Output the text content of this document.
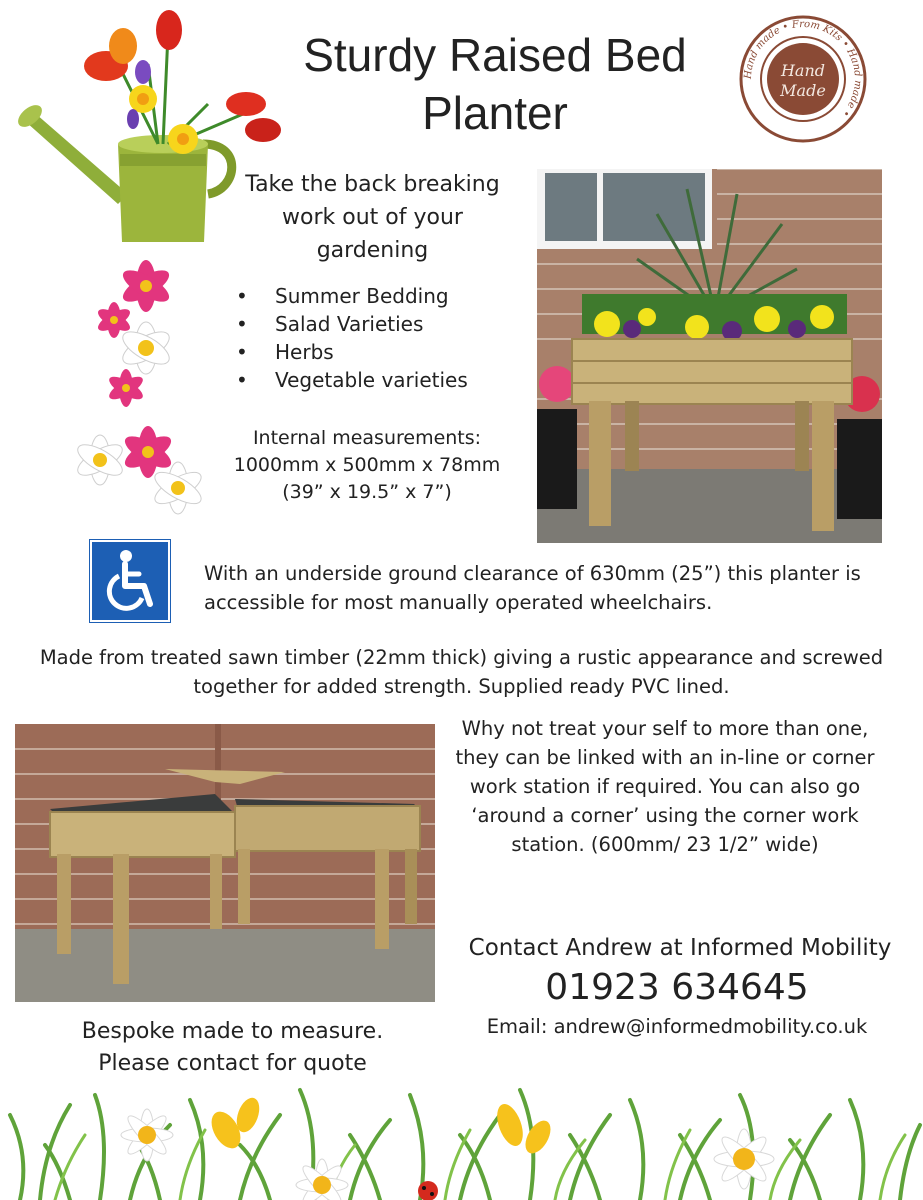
Sturdy Raised Bed
Planter
Hand made • From Kits • Hand made •
Hand
Made
Take the back breaking work out of your gardening
• Summer Bedding
• Salad Varieties
• Herbs
• Vegetable varieties
Internal measurements:
1000mm x 500mm x 78mm
(39” x 19.5” x 7”)
With an underside ground clearance of 630mm (25”) this planter is accessible for most manually operated wheelchairs.
Made from treated sawn timber (22mm thick) giving a rustic appearance and screwed together for added strength. Supplied ready PVC lined.
Why not treat your self to more than one, they can be linked with an in-line or corner work station if required. You can also go ‘around a corner’ using the corner work station. (600mm/ 23 1/2” wide)
Contact Andrew at Informed Mobility
01923 634645
Email: andrew@informedmobility.co.uk
Bespoke made to measure.
Please contact for quote
